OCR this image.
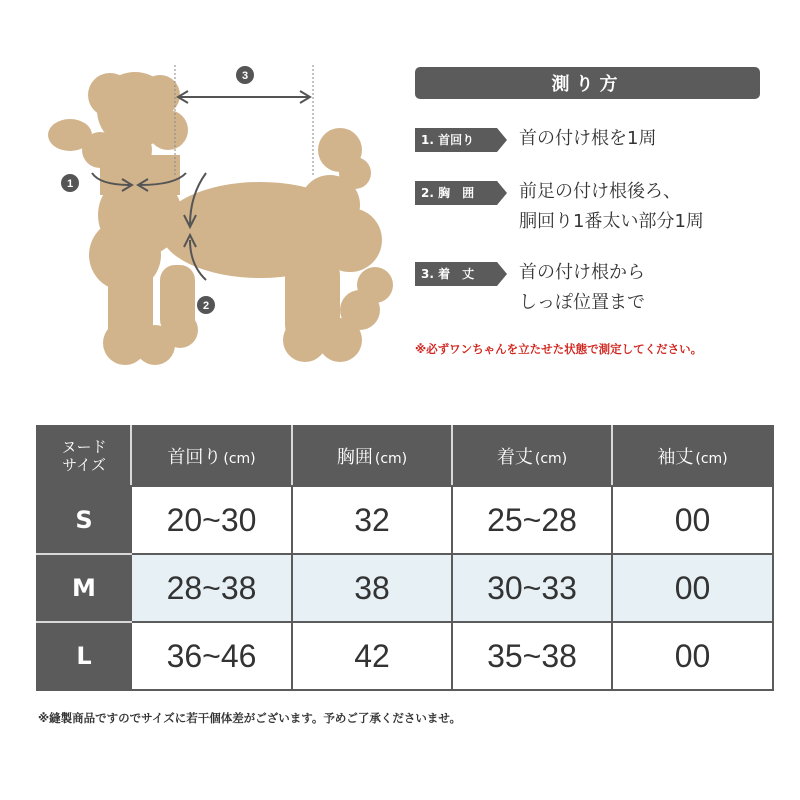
1
2
3	測り方
1. 首回り	首の付け根を1周
2. 胸　囲	前足の付け根後ろ、
胴回り1番太い部分1周
3. 着　丈	首の付け根から
しっぽ位置まで
※必ずワンちゃんを立たせた状態で測定してください。
ヌード
サイズ	首回り (cm)	胸囲 (cm)	着丈 (cm)	袖丈 (cm)
S	20~30	32	25~28	00
M	28~38	38	30~33	00
L	36~46	42	35~38	00
※縫製商品ですのでサイズに若干個体差がございます。予めご了承くださいませ。
